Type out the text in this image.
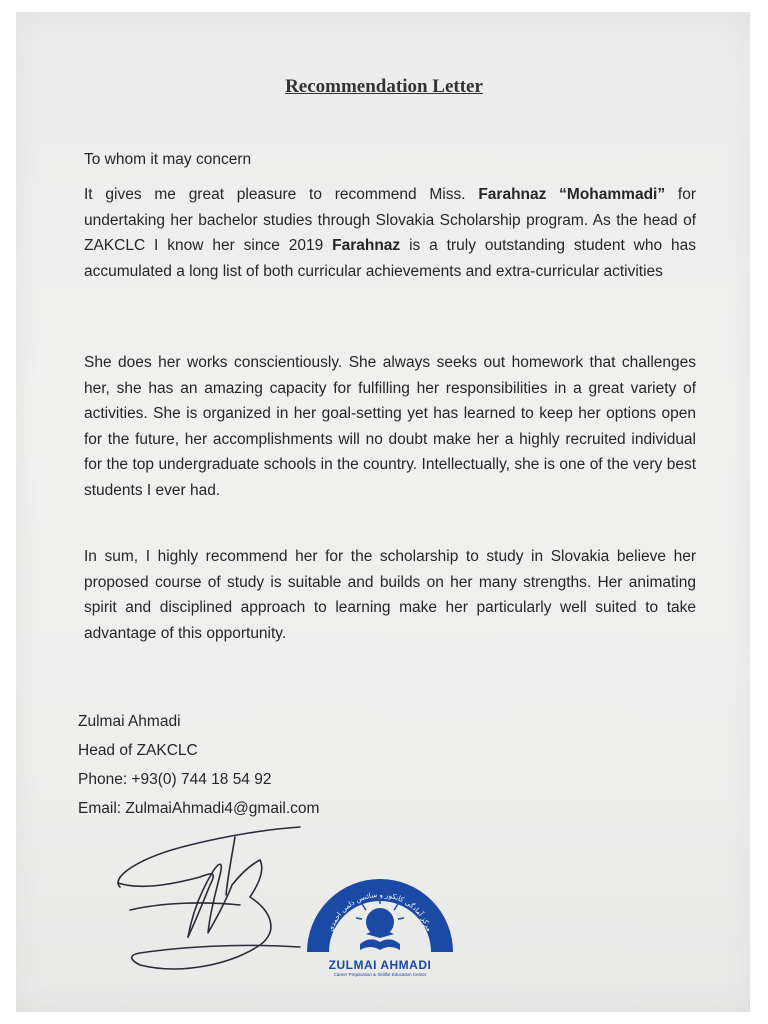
Recommendation Letter

To whom it may concern

It gives me great pleasure to recommend Miss. Farahnaz “Mohammadi” for undertaking her bachelor studies through Slovakia Scholarship program. As the head of ZAKCLC I know her since 2019 Farahnaz is a truly outstanding student who has accumulated a long list of both curricular achievements and extra-curricular activities

She does her works conscientiously. She always seeks out homework that challenges her, she has an amazing capacity for fulfilling her responsibilities in a great variety of activities. She is organized in her goal-setting yet has learned to keep her options open for the future, her accomplishments will no doubt make her a highly recruited individual for the top undergraduate schools in the country. Intellectually, she is one of the very best students I ever had.

In sum, I highly recommend her for the scholarship to study in Slovakia believe her proposed course of study is suitable and builds on her many strengths. Her animating spirit and disciplined approach to learning make her particularly well suited to take advantage of this opportunity.

Zulmai Ahmadi
Head of ZAKCLC
Phone: +93(0) 744 18 54 92
Email: ZulmaiAhmadi4@gmail.com
مرکز آمادگی کانکور و سائنس ذلمی احمدی
ZULMAI AHMADI
Career Preparation & Skillful Education Center
